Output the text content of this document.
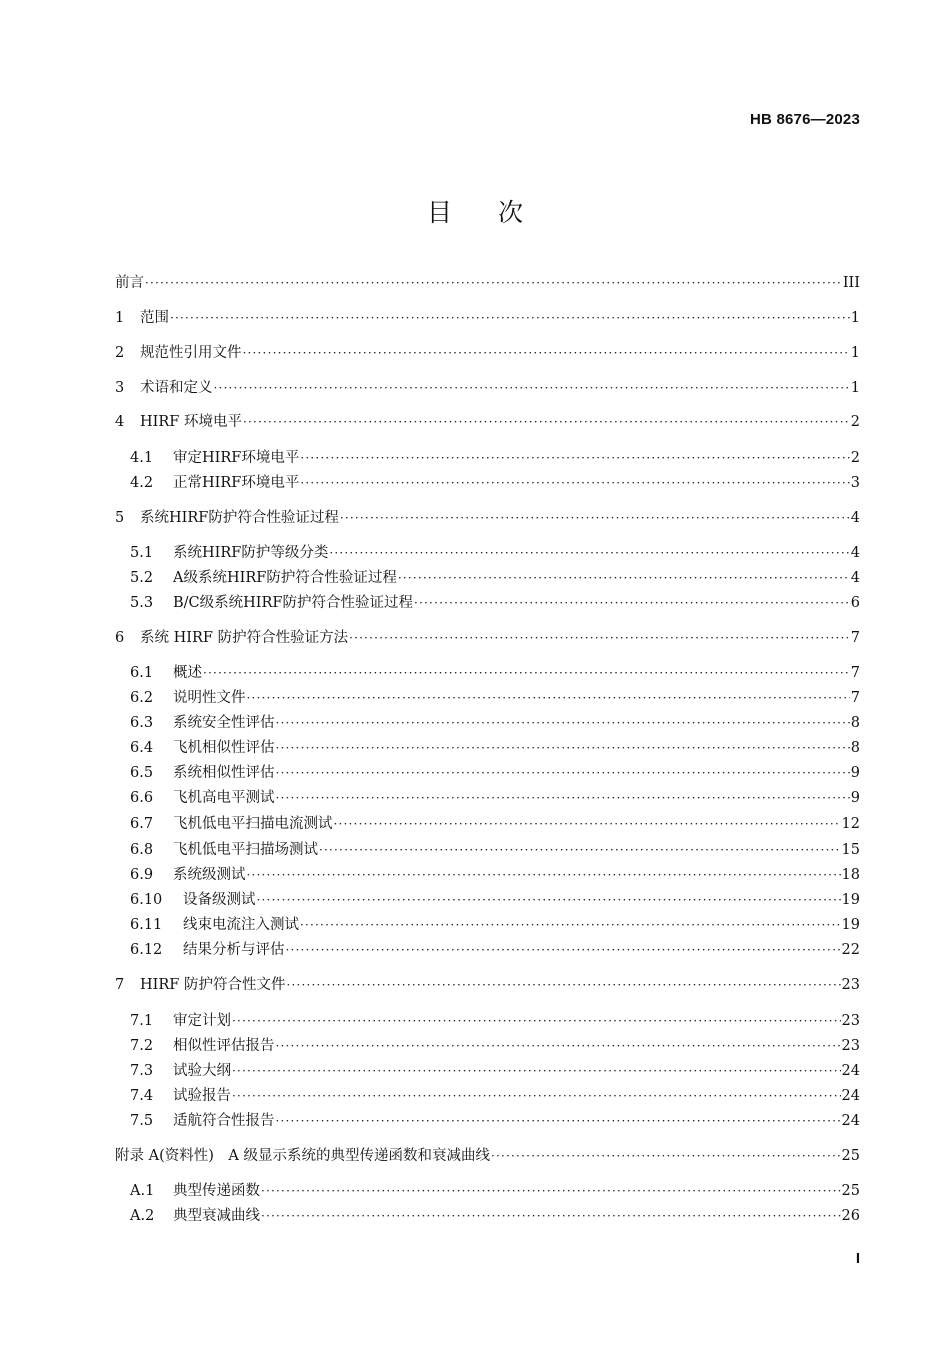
HB 8676—2023
目次
前言 ·····	III
1	范围 ·····	1
2	规范性引用文件 ·····	1
3	术语和定义 ·····	1
4	HIRF 环境电平 ·····	2
4.1	审定HIRF环境电平 ·····	2
4.2	正常HIRF环境电平 ·····	3
5	系统HIRF防护符合性验证过程 ·····	4
5.1	系统HIRF防护等级分类 ·····	4
5.2	A级系统HIRF防护符合性验证过程 ·····	4
5.3	B/C级系统HIRF防护符合性验证过程 ·····	6
6	系统 HIRF 防护符合性验证方法 ·····	7
6.1	概述 ·····	7
6.2	说明性文件 ·····	7
6.3	系统安全性评估 ·····	8
6.4	飞机相似性评估 ·····	8
6.5	系统相似性评估 ·····	9
6.6	飞机高电平测试 ·····	9
6.7	飞机低电平扫描电流测试 ·····	12
6.8	飞机低电平扫描场测试 ·····	15
6.9	系统级测试 ·····	18
6.10	设备级测试 ·····	19
6.11	线束电流注入测试 ·····	19
6.12	结果分析与评估 ·····	22
7	HIRF 防护符合性文件 ·····	23
7.1	审定计划 ·····	23
7.2	相似性评估报告 ·····	23
7.3	试验大纲 ·····	24
7.4	试验报告 ·····	24
7.5	适航符合性报告 ·····	24
附录 A(资料性)　A 级显示系统的典型传递函数和衰减曲线 ·····	25
A.1	典型传递函数 ·····	25
A.2	典型衰减曲线 ·····	26
I
